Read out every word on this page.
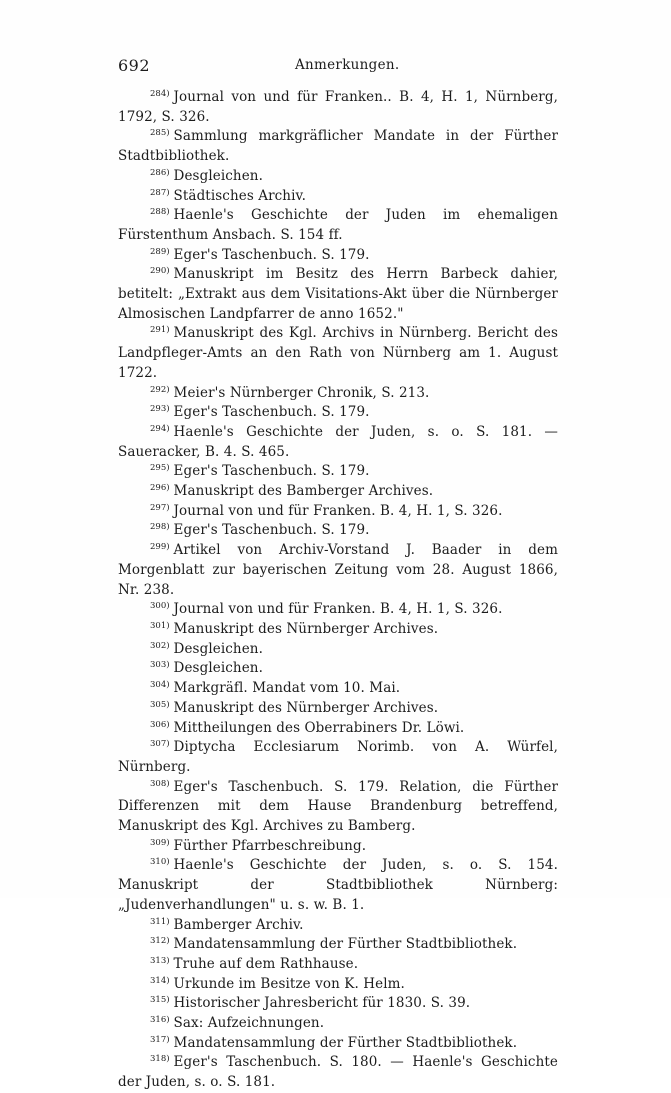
692	Anmerkungen.

$^{284)}$ Journal von und für Franken.. B. 4, H. 1, Nürnberg, 1792, S. 326.

$^{285)}$ Sammlung markgräflicher Mandate in der Fürther Stadtbibliothek.

$^{286)}$ Desgleichen.

$^{287)}$ Städtisches Archiv.

$^{288)}$ Haenle's Geschichte der Juden im ehemaligen Fürstenthum Ansbach. S. 154 ff.

$^{289)}$ Eger's Taschenbuch. S. 179.

$^{290)}$ Manuskript im Besitz des Herrn Barbeck dahier, betitelt: „Extrakt aus dem Visitations-Akt über die Nürnberger Almosischen Landpfarrer de anno 1652."

$^{291)}$ Manuskript des Kgl. Archivs in Nürnberg. Bericht des Landpfleger-Amts an den Rath von Nürnberg am 1. August 1722.

$^{292)}$ Meier's Nürnberger Chronik, S. 213.

$^{293)}$ Eger's Taschenbuch. S. 179.

$^{294)}$ Haenle's Geschichte der Juden, s. o. S. 181. — Saueracker, B. 4. S. 465.

$^{295)}$ Eger's Taschenbuch. S. 179.

$^{296)}$ Manuskript des Bamberger Archives.

$^{297)}$ Journal von und für Franken. B. 4, H. 1, S. 326.

$^{298)}$ Eger's Taschenbuch. S. 179.

$^{299)}$ Artikel von Archiv-Vorstand J. Baader in dem Morgenblatt zur bayerischen Zeitung vom 28. August 1866, Nr. 238.

$^{300)}$ Journal von und für Franken. B. 4, H. 1, S. 326.

$^{301)}$ Manuskript des Nürnberger Archives.

$^{302)}$ Desgleichen.

$^{303)}$ Desgleichen.

$^{304)}$ Markgräfl. Mandat vom 10. Mai.

$^{305)}$ Manuskript des Nürnberger Archives.

$^{306)}$ Mittheilungen des Oberrabiners Dr. Löwi.

$^{307)}$ Diptycha Ecclesiarum Norimb. von A. Würfel, Nürnberg.

$^{308)}$ Eger's Taschenbuch. S. 179. Relation, die Fürther Differenzen mit dem Hause Brandenburg betreffend, Manuskript des Kgl. Archives zu Bamberg.

$^{309)}$ Fürther Pfarrbeschreibung.

$^{310)}$ Haenle's Geschichte der Juden, s. o. S. 154. Manuskript der Stadtbibliothek Nürnberg: „Judenverhandlungen" u. s. w. B. 1.

$^{311)}$ Bamberger Archiv.

$^{312)}$ Mandatensammlung der Fürther Stadtbibliothek.

$^{313)}$ Truhe auf dem Rathhause.

$^{314)}$ Urkunde im Besitze von K. Helm.

$^{315)}$ Historischer Jahresbericht für 1830. S. 39.

$^{316)}$ Sax: Aufzeichnungen.

$^{317)}$ Mandatensammlung der Fürther Stadtbibliothek.

$^{318)}$ Eger's Taschenbuch. S. 180. — Haenle's Geschichte der Juden, s. o. S. 181.
